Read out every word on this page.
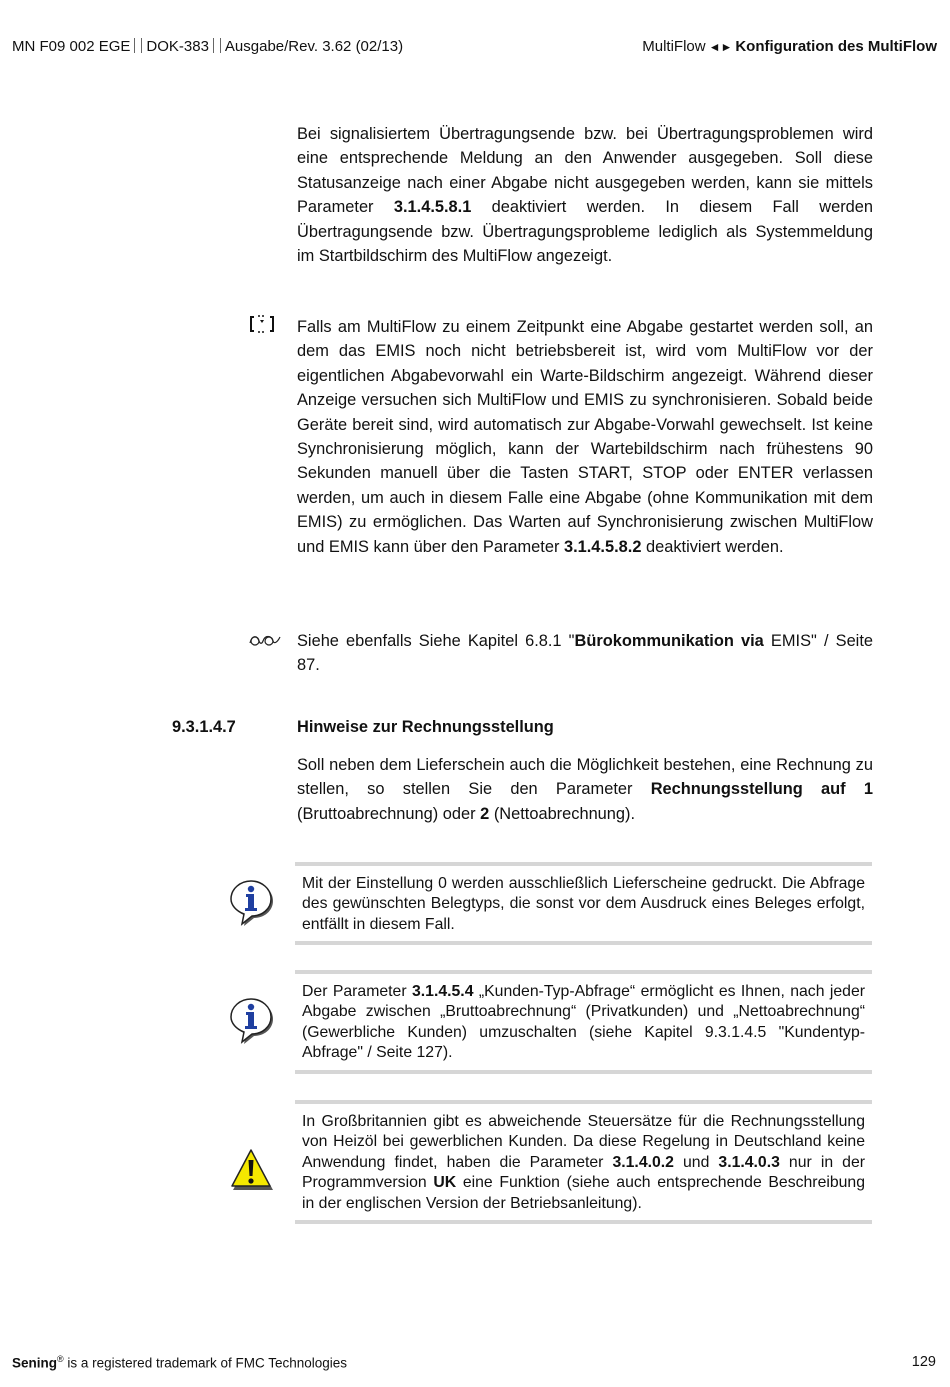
MN F09 002 EGE DOK-383 Ausgabe/Rev. 3.62 (02/13)	MultiFlow ◄► Konfiguration des MultiFlow
Bei signalisiertem Übertragungsende bzw. bei Übertragungsproblemen wird eine entsprechende Meldung an den Anwender ausgegeben. Soll diese Statusanzeige nach einer Abgabe nicht ausgegeben werden, kann sie mittels Parameter 3.1.4.5.8.1 deaktiviert werden. In diesem Fall werden Übertragungsende bzw. Übertragungsprobleme lediglich als Systemmeldung im Startbildschirm des MultiFlow angezeigt.
Falls am MultiFlow zu einem Zeitpunkt eine Abgabe gestartet werden soll, an dem das EMIS noch nicht betriebsbereit ist, wird vom MultiFlow vor der eigentlichen Abgabevorwahl ein Warte-Bildschirm angezeigt. Während dieser Anzeige versuchen sich MultiFlow und EMIS zu synchronisieren. Sobald beide Geräte bereit sind, wird automatisch zur Abgabe-Vorwahl gewechselt. Ist keine Synchronisierung möglich, kann der Wartebildschirm nach frühestens 90 Sekunden manuell über die Tasten START, STOP oder ENTER verlassen werden, um auch in diesem Falle eine Abgabe (ohne Kommunikation mit dem EMIS) zu ermöglichen. Das Warten auf Synchronisierung zwischen MultiFlow und EMIS kann über den Parameter 3.1.4.5.8.2 deaktiviert werden.
Siehe ebenfalls Siehe Kapitel 6.8.1 "Bürokommunikation via EMIS" / Seite 87.
9.3.1.4.7	Hinweise zur Rechnungsstellung
Soll neben dem Lieferschein auch die Möglichkeit bestehen, eine Rechnung zu stellen, so stellen Sie den Parameter Rechnungsstellung auf 1 (Bruttoabrechnung) oder 2 (Nettoabrechnung).
Mit der Einstellung 0 werden ausschließlich Lieferscheine gedruckt. Die Abfrage des gewünschten Belegtyps, die sonst vor dem Ausdruck eines Beleges erfolgt, entfällt in diesem Fall.
Der Parameter 3.1.4.5.4 „Kunden-Typ-Abfrage“ ermöglicht es Ihnen, nach jeder Abgabe zwischen „Bruttoabrechnung“ (Privatkunden) und „Nettoabrechnung“ (Gewerbliche Kunden) umzuschalten (siehe Kapitel 9.3.1.4.5 "Kundentyp-Abfrage" / Seite 127).
In Großbritannien gibt es abweichende Steuersätze für die Rechnungsstellung von Heizöl bei gewerblichen Kunden. Da diese Regelung in Deutschland keine Anwendung findet, haben die Parameter 3.1.4.0.2 und 3.1.4.0.3 nur in der Programmversion UK eine Funktion (siehe auch entsprechende Beschreibung in der englischen Version der Betriebsanleitung).
Sening® is a registered trademark of FMC Technologies	129
